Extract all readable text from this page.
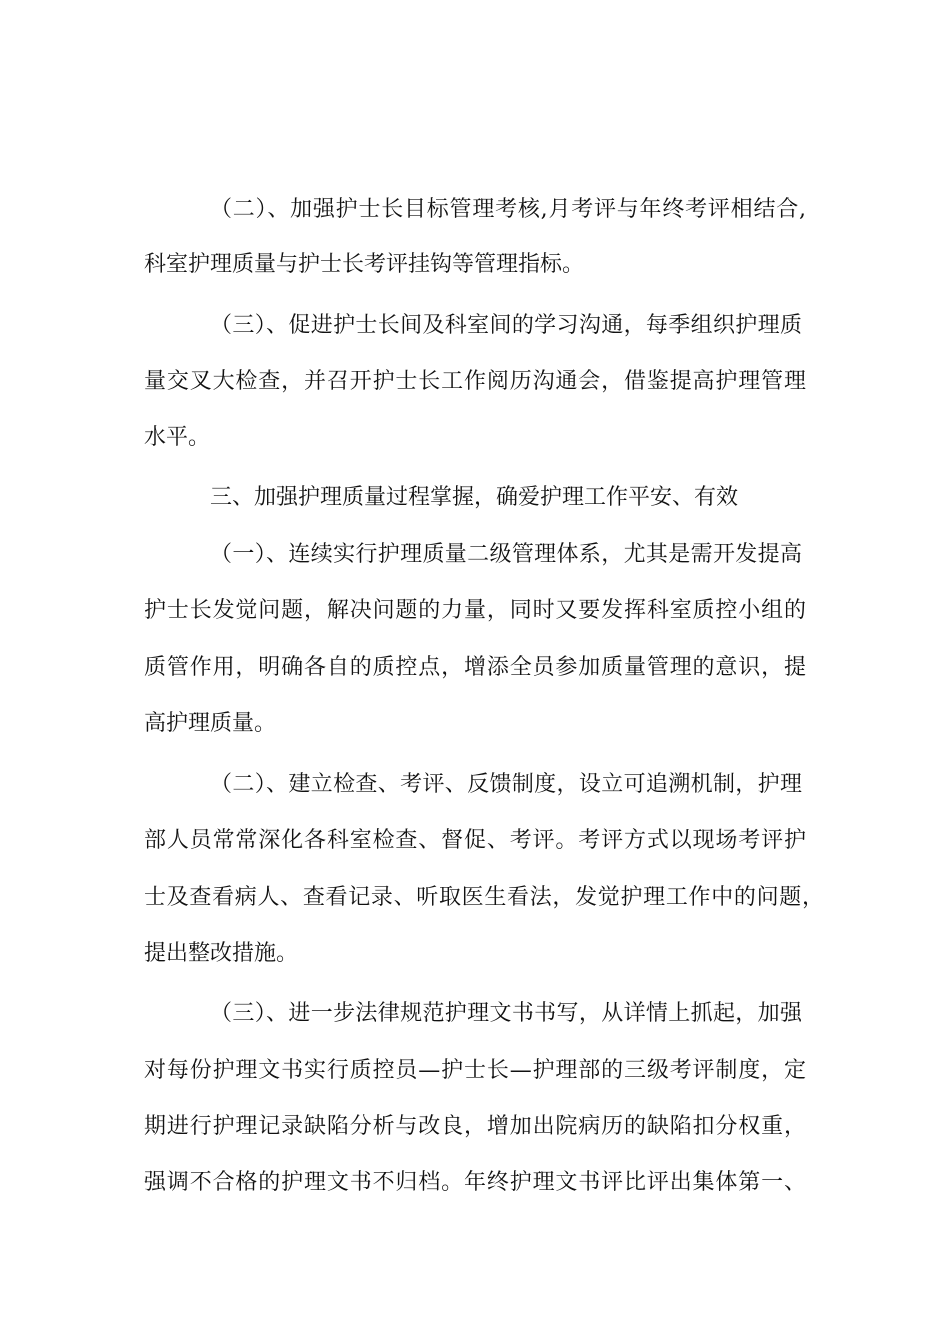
（二）、加强护士长目标管理考核,月考评与年终考评相结合,
科室护理质量与护士长考评挂钩等管理指标。
（三）、促进护士长间及科室间的学习沟通，每季组织护理质
量交叉大检查，并召开护士长工作阅历沟通会，借鉴提高护理管理
水平。
三、加强护理质量过程掌握，确爱护理工作平安、有效
（一）、连续实行护理质量二级管理体系，尤其是需开发提高
护士长发觉问题，解决问题的力量，同时又要发挥科室质控小组的
质管作用，明确各自的质控点，增添全员参加质量管理的意识，提
高护理质量。
（二）、建立检查、考评、反馈制度，设立可追溯机制，护理
部人员常常深化各科室检查、督促、考评。考评方式以现场考评护
士及查看病人、查看记录、听取医生看法，发觉护理工作中的问题，
提出整改措施。
（三）、进一步法律规范护理文书书写，从详情上抓起，加强
对每份护理文书实行质控员—护士长—护理部的三级考评制度，定
期进行护理记录缺陷分析与改良，增加出院病历的缺陷扣分权重，
强调不合格的护理文书不归档。年终护理文书评比评出集体第一、
